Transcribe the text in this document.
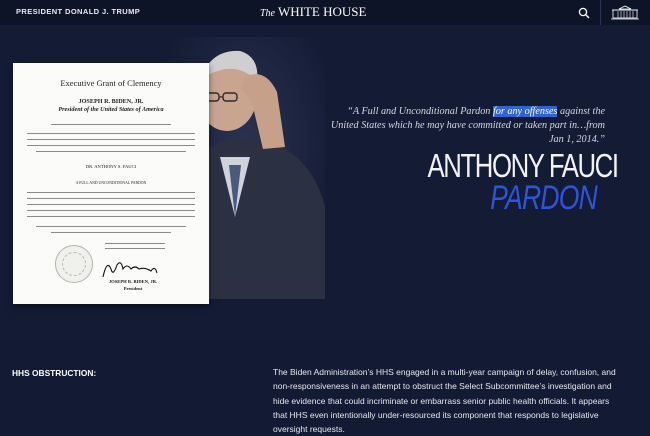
PRESIDENT DONALD J. TRUMP	The WHITE HOUSE
Executive Grant of Clemency
JOSEPH R. BIDEN, JR.
President of the United States of America
DR. ANTHONY S. FAUCI
A FULL AND UNCONDITIONAL PARDON
JOSEPH R. BIDEN, JR.
President
“A Full and Unconditional Pardon for any offenses against the United States which he may have committed or taken part in…from Jan 1, 2014.”
ANTHONY FAUCI
PARDON
HHS OBSTRUCTION:	The Biden Administration’s HHS engaged in a multi-year campaign of delay, confusion, and non-responsiveness in an attempt to obstruct the Select Subcommittee’s investigation and hide evidence that could incriminate or embarrass senior public health officials. It appears that HHS even intentionally under-resourced its component that responds to legislative oversight requests.
